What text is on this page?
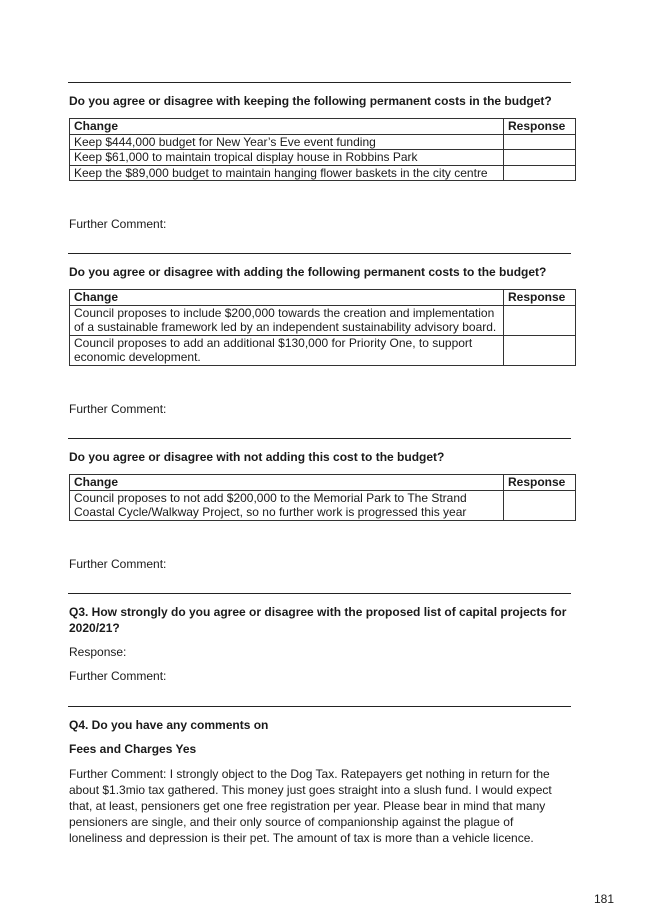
Do you agree or disagree with keeping the following permanent costs in the budget?
Change	Response
Keep $444,000 budget for New Year’s Eve event funding	
Keep $61,000 to maintain tropical display house in Robbins Park	
Keep the $89,000 budget to maintain hanging flower baskets in the city centre	
Further Comment:
Do you agree or disagree with adding the following permanent costs to the budget?
Change	Response
Council proposes to include $200,000 towards the creation and implementation of a sustainable framework led by an independent sustainability advisory board.	
Council proposes to add an additional $130,000 for Priority One, to support economic development.	
Further Comment:
Do you agree or disagree with not adding this cost to the budget?
Change	Response
Council proposes to not add $200,000 to the Memorial Park to The Strand Coastal Cycle/Walkway Project, so no further work is progressed this year	
Further Comment:
Q3. How strongly do you agree or disagree with the proposed list of capital projects for 2020/21?
Response:
Further Comment:
Q4. Do you have any comments on
Fees and Charges Yes
Further Comment: I strongly object to the Dog Tax. Ratepayers get nothing in return for the about $1.3mio tax gathered. This money just goes straight into a slush fund. I would expect that, at least, pensioners get one free registration per year. Please bear in mind that many pensioners are single, and their only source of companionship against the plague of loneliness and depression is their pet. The amount of tax is more than a vehicle licence.
181
